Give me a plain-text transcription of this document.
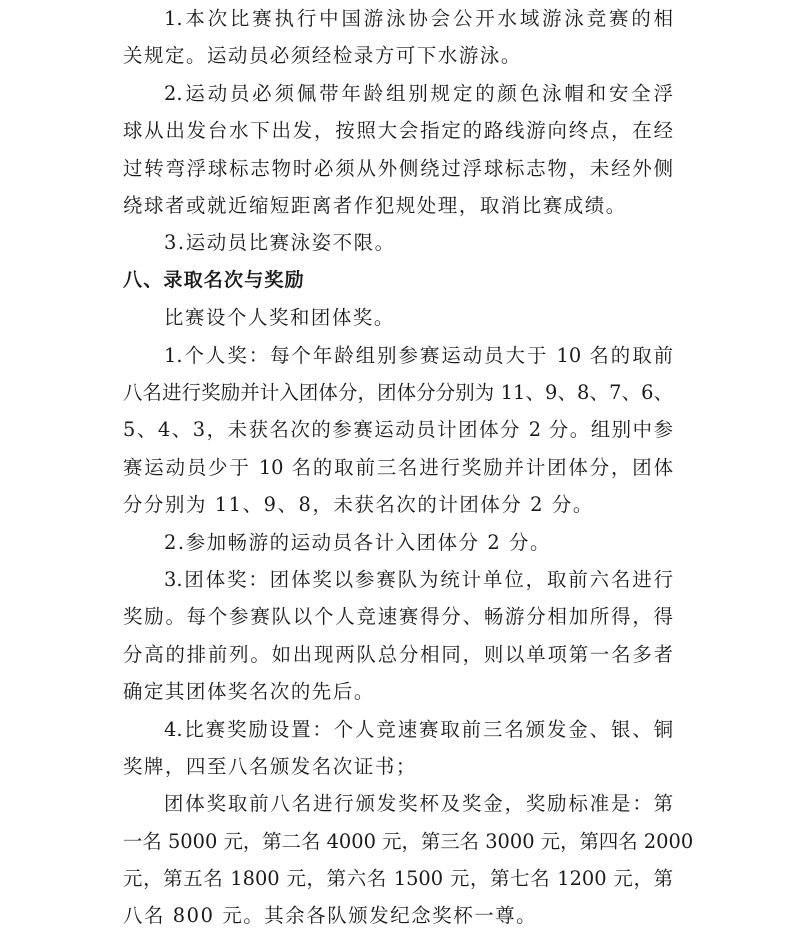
1.本次比赛执行中国游泳协会公开水域游泳竞赛的相
关规定。运动员必须经检录方可下水游泳。
2.运动员必须佩带年龄组别规定的颜色泳帽和安全浮
球从出发台水下出发，按照大会指定的路线游向终点，在经
过转弯浮球标志物时必须从外侧绕过浮球标志物，未经外侧
绕球者或就近缩短距离者作犯规处理，取消比赛成绩。
3.运动员比赛泳姿不限。
八、录取名次与奖励
比赛设个人奖和团体奖。
1.个人奖：每个年龄组别参赛运动员大于 10 名的取前
八名进行奖励并计入团体分，团体分分别为 11、9、8、7、6、
5、4、3，未获名次的参赛运动员计团体分 2 分。组别中参
赛运动员少于 10 名的取前三名进行奖励并计团体分，团体
分分别为 11、9、8，未获名次的计团体分 2 分。
2.参加畅游的运动员各计入团体分 2 分。
3.团体奖：团体奖以参赛队为统计单位，取前六名进行
奖励。每个参赛队以个人竞速赛得分、畅游分相加所得，得
分高的排前列。如出现两队总分相同，则以单项第一名多者
确定其团体奖名次的先后。
4.比赛奖励设置：个人竞速赛取前三名颁发金、银、铜
奖牌，四至八名颁发名次证书；
团体奖取前八名进行颁发奖杯及奖金，奖励标准是：第
一名 5000 元，第二名 4000 元，第三名 3000 元，第四名 2000
元，第五名 1800 元，第六名 1500 元，第七名 1200 元，第
八名 800 元。其余各队颁发纪念奖杯一尊。
